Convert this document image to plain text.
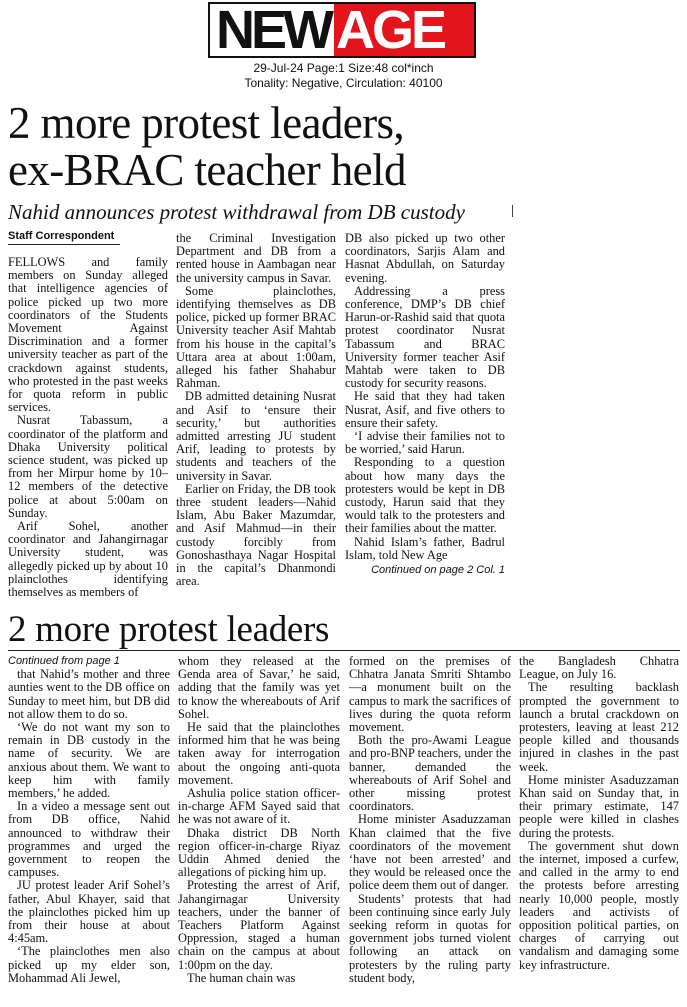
NEW AGE
29-Jul-24 Page:1 Size:48 col*inch
Tonality: Negative, Circulation: 40100
2 more protest leaders,
ex-BRAC teacher held
Nahid announces protest withdrawal from DB custody
Staff Correspondent

FELLOWS and family members on Sunday alleged that intelligence agencies of police picked up two more coordinators of the Students Movement Against Discrimination and a former university teacher as part of the crackdown against students, who protested in the past weeks for quota reform in public services.

Nusrat Tabassum, a coordinator of the platform and Dhaka University political science student, was picked up from her Mirpur home by 10–12 members of the detective police at about 5:00am on Sunday.

Arif Sohel, another coordinator and Jahangirnagar University student, was allegedly picked up by about 10 plainclothes identifying themselves as members of

the Criminal Investigation Department and DB from a rented house in Aambagan near the university campus in Savar.

Some plainclothes, identifying themselves as DB police, picked up former BRAC University teacher Asif Mahtab from his house in the capital’s Uttara area at about 1:00am, alleged his father Shahabur Rahman.

DB admitted detaining Nusrat and Asif to ‘ensure their security,’ but authorities admitted arresting JU student Arif, leading to protests by students and teachers of the university in Savar.

Earlier on Friday, the DB took three student leaders—Nahid Islam, Abu Baker Mazumdar, and Asif Mahmud—in their custody forcibly from Gonoshasthaya Nagar Hospital in the capital’s Dhanmondi area.

DB also picked up two other coordinators, Sarjis Alam and Hasnat Abdullah, on Saturday evening.

Addressing a press conference, DMP’s DB chief Harun-or-Rashid said that quota protest coordinator Nusrat Tabassum and BRAC University former teacher Asif Mahtab were taken to DB custody for security reasons.

He said that they had taken Nusrat, Asif, and five others to ensure their safety.

‘I advise their families not to be worried,’ said Harun.

Responding to a question about how many days the protesters would be kept in DB custody, Harun said that they would talk to the protesters and their families about the matter.

Nahid Islam’s father, Badrul Islam, told New Age

Continued on page 2 Col. 1
2 more protest leaders

Continued from page 1

that Nahid’s mother and three aunties went to the DB office on Sunday to meet him, but DB did not allow them to do so.

‘We do not want my son to remain in DB custody in the name of security. We are anxious about them. We want to keep him with family members,’ he added.

In a video a message sent out from DB office, Nahid announced to withdraw their programmes and urged the government to reopen the campuses.

JU protest leader Arif Sohel’s father, Abul Khayer, said that the plainclothes picked him up from their house at about 4:45am.

‘The plainclothes men also picked up my elder son, Mohammad Ali Jewel,

whom they released at the Genda area of Savar,’ he said, adding that the family was yet to know the whereabouts of Arif Sohel.

He said that the plainclothes informed him that he was being taken away for interrogation about the ongoing anti-quota movement.

Ashulia police station officer-in-charge AFM Sayed said that he was not aware of it.

Dhaka district DB North region officer-in-charge Riyaz Uddin Ahmed denied the allegations of picking him up.

Protesting the arrest of Arif, Jahangirnagar University teachers, under the banner of Teachers Platform Against Oppression, staged a human chain on the campus at about 1:00pm on the day.

The human chain was

formed on the premises of Chhatra Janata Smriti Shtambo—a monument built on the campus to mark the sacrifices of lives during the quota reform movement.

Both the pro-Awami League and pro-BNP teachers, under the banner, demanded the whereabouts of Arif Sohel and other missing protest coordinators.

Home minister Asaduzzaman Khan claimed that the five coordinators of the movement ‘have not been arrested’ and they would be released once the police deem them out of danger.

Students’ protests that had been continuing since early July seeking reform in quotas for government jobs turned violent following an attack on protesters by the ruling party student body,

the Bangladesh Chhatra League, on July 16.

The resulting backlash prompted the government to launch a brutal crackdown on protesters, leaving at least 212 people killed and thousands injured in clashes in the past week.

Home minister Asaduzzaman Khan said on Sunday that, in their primary estimate, 147 people were killed in clashes during the protests.

The government shut down the internet, imposed a curfew, and called in the army to end the protests before arresting nearly 10,000 people, mostly leaders and activists of opposition political parties, on charges of carrying out vandalism and damaging some key infrastructure.
